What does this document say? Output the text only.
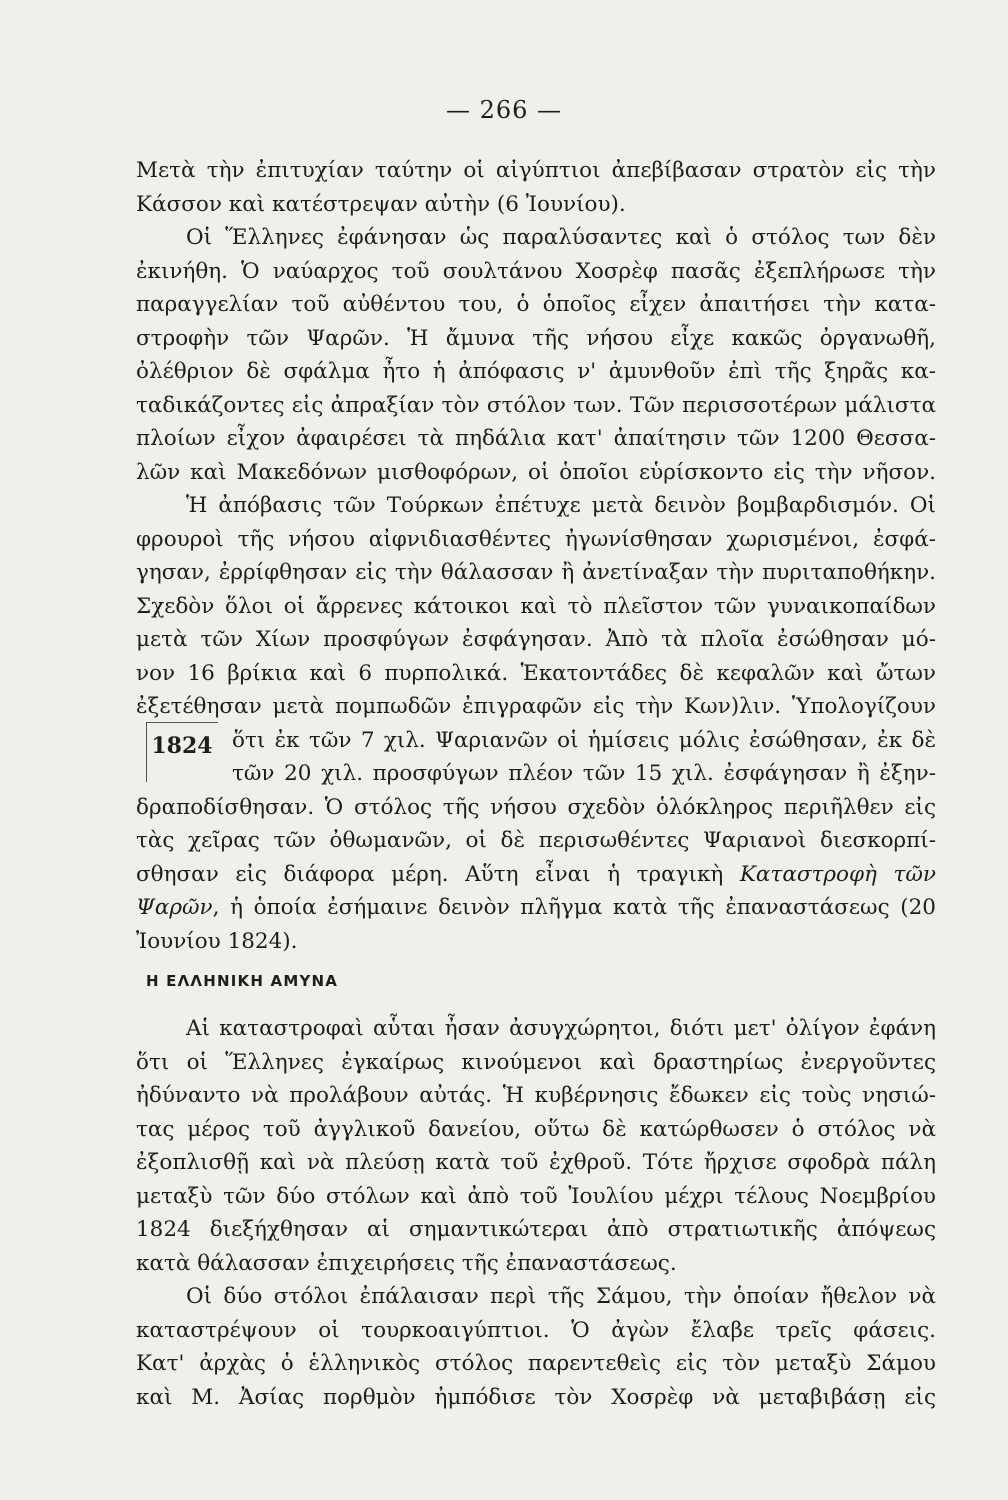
— 266 —
Μετὰ τὴν ἐπιτυχίαν ταύτην οἱ αἰγύπτιοι ἀπεβίβασαν στρατὸν εἰς τὴν
Κάσσον καὶ κατέστρεψαν αὐτὴν (6 Ἰουνίου).
Οἱ Ἕλληνες ἐφάνησαν ὡς παραλύσαντες καὶ ὁ στόλος των δὲν
ἐκινήθη. Ὁ ναύαρχος τοῦ σουλτάνου Χοσρὲφ πασᾶς ἐξεπλήρωσε τὴν
παραγγελίαν τοῦ αὐθέντου του, ὁ ὁποῖος εἶχεν ἀπαιτήσει τὴν κατα-
στροφὴν τῶν Ψαρῶν. Ἡ ἄμυνα τῆς νήσου εἶχε κακῶς ὀργανωθῆ,
ὀλέθριον δὲ σφάλμα ἦτο ἡ ἀπόφασις ν' ἀμυνθοῦν ἐπὶ τῆς ξηρᾶς κα-
ταδικάζοντες εἰς ἀπραξίαν τὸν στόλον των. Τῶν περισσοτέρων μάλιστα
πλοίων εἶχον ἀφαιρέσει τὰ πηδάλια κατ' ἀπαίτησιν τῶν 1200 Θεσσα-
λῶν καὶ Μακεδόνων μισθοφόρων, οἱ ὁποῖοι εὑρίσκοντο εἰς τὴν νῆσον.
Ἡ ἀπόβασις τῶν Τούρκων ἐπέτυχε μετὰ δεινὸν βομβαρδισμόν. Οἱ
φρουροὶ τῆς νήσου αἰφνιδιασθέντες ἠγωνίσθησαν χωρισμένοι, ἐσφά-
γησαν, ἐρρίφθησαν εἰς τὴν θάλασσαν ἢ ἀνετίναξαν τὴν πυριταποθήκην.
Σχεδὸν ὅλοι οἱ ἄρρενες κάτοικοι καὶ τὸ πλεῖστον τῶν γυναικοπαίδων
μετὰ τῶν Χίων προσφύγων ἐσφάγησαν. Ἀπὸ τὰ πλοῖα ἐσώθησαν μό-
νον 16 βρίκια καὶ 6 πυρπολικά. Ἑκατοντάδες δὲ κεφαλῶν καὶ ὤτων
ἐξετέθησαν μετὰ πομπωδῶν ἐπιγραφῶν εἰς τὴν Κων)λιν. Ὑπολογίζουν
ὅτι ἐκ τῶν 7 χιλ. Ψαριανῶν οἱ ἡμίσεις μόλις ἐσώθησαν, ἐκ δὲ
τῶν 20 χιλ. προσφύγων πλέον τῶν 15 χιλ. ἐσφάγησαν ἢ ἐξην-
δραποδίσθησαν. Ὁ στόλος τῆς νήσου σχεδὸν ὁλόκληρος περιῆλθεν εἰς
τὰς χεῖρας τῶν ὀθωμανῶν, οἱ δὲ περισωθέντες Ψαριανοὶ διεσκορπί-
σθησαν εἰς διάφορα μέρη. Αὕτη εἶναι ἡ τραγικὴ Καταστροφὴ τῶν
Ψαρῶν, ἡ ὁποία ἐσήμαινε δεινὸν πλῆγμα κατὰ τῆς ἐπαναστάσεως (20
Ἰουνίου 1824).
1824
Η ΕΛΛΗΝΙΚΗ ΑΜΥΝΑ
Αἱ καταστροφαὶ αὗται ἦσαν ἀσυγχώρητοι, διότι μετ' ὀλίγον ἐφάνη
ὅτι οἱ Ἕλληνες ἐγκαίρως κινούμενοι καὶ δραστηρίως ἐνεργοῦντες
ἠδύναντο νὰ προλάβουν αὐτάς. Ἡ κυβέρνησις ἔδωκεν εἰς τοὺς νησιώ-
τας μέρος τοῦ ἀγγλικοῦ δανείου, οὕτω δὲ κατώρθωσεν ὁ στόλος νὰ
ἐξοπλισθῇ καὶ νὰ πλεύσῃ κατὰ τοῦ ἐχθροῦ. Τότε ἤρχισε σφοδρὰ πάλη
μεταξὺ τῶν δύο στόλων καὶ ἀπὸ τοῦ Ἰουλίου μέχρι τέλους Νοεμβρίου
1824 διεξήχθησαν αἱ σημαντικώτεραι ἀπὸ στρατιωτικῆς ἀπόψεως
κατὰ θάλασσαν ἐπιχειρήσεις τῆς ἐπαναστάσεως.
Οἱ δύο στόλοι ἐπάλαισαν περὶ τῆς Σάμου, τὴν ὁποίαν ἤθελον νὰ
καταστρέψουν οἱ τουρκοαιγύπτιοι. Ὁ ἀγὼν ἔλαβε τρεῖς φάσεις.
Κατ' ἀρχὰς ὁ ἑλληνικὸς στόλος παρεντεθεὶς εἰς τὸν μεταξὺ Σάμου
καὶ Μ. Ἀσίας πορθμὸν ἠμπόδισε τὸν Χοσρὲφ νὰ μεταβιβάσῃ εἰς
